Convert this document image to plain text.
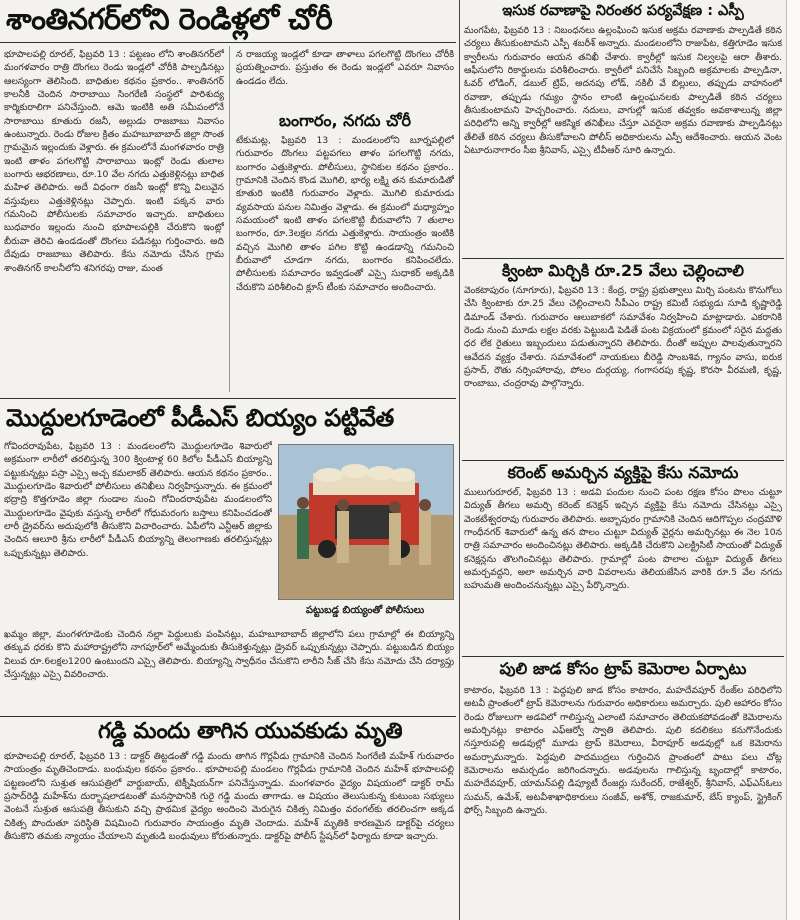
శాంతినగర్‌లోని రెండిళ్లలో చోరీ

భూపాలపల్లి రూరల్, ఫిబ్రవరి 13 : పట్టణం లోని శాంతినగర్‌లో మంగళవారం రాత్రి దొంగలు రెండు ఇండ్లలో చోరీకి పాల్పడినట్లు ఆలస్యంగా తెలిసింది. బాధితుల కథనం ప్రకారం.. శాంతినగర్ కాలనీకి చెందిన సారాబాయి సింగరేణి సంస్థలో పారిశుద్య కార్మికురాలిగా పనిచేస్తుంది. ఆమె ఇంటికి అతి సమీపంలోనే సారాబాయి కూతురు రజనీ, అల్లుడు రాజబాబు నివాసం ఉంటున్నారు. రెండు రోజుల క్రితం మహబూబాబాద్ జిల్లా సొంత గ్రామమైన ఇల్లందుకు వెళ్లారు. ఈ క్రమంలోనే మంగళవారం రాత్రి ఇంటి తాళం పగలగొట్టి సారాబాయి ఇంట్లో రెండు తులాల బంగారు ఆభరణాలు, రూ.10 వేల నగదు ఎత్తుకెళ్లినట్లు బాధిత మహిళ తెలిపారు. అదే విధంగా రజనీ ఇంట్లో కొన్ని విలువైన వస్తువులు ఎత్తుకెళ్లినట్లు చెప్పారు. ఇంటి పక్కన వారు గమనించి పోలీసులకు సమాచారం ఇచ్చారు. బాధితులు బుధవారం ఇల్లందు నుంచి భూపాలపల్లికి చేరుకొని ఇంట్లో బీరువా తెరిచి ఉండడంతో దొంగలు పడినట్లు గుర్తించారు. అది దేవుడు రాజబాబు తెలిపారు. కేసు నమోదు చేసిన గ్రామ శాంతినగర్ కాలనీలోని శనిగరపు రాజు, మంత

న రాజయ్య ఇండ్లలో కూడా తాళాలు పగలగొట్టి దొంగలు చోరీకి ప్రయత్నించారు. ప్రస్తుతం ఈ రెండు ఇండ్లలో ఎవరూ నివాసం ఉండడం లేదు.

బంగారం, నగదు చోరీ

టేకుమట్ల, ఫిబ్రవరి 13 : మండలంలోని బూర్నపల్లిలో గురువారం దొంగలు పట్టపగలు తాళం పగలగొట్టి నగదు, బంగారం ఎత్తుకెళ్లారు. పోలీసులు, స్థానికుల కథనం ప్రకారం.. గ్రామానికి చెందిన కొండ మొగిలి, భార్య లక్ష్మి తన కుమారుడితో కూతురి ఇంటికి గురువారం వెళ్లారు. మొగిలి కుమారుడు వ్యవసాయ పనుల నిమిత్తం వెళ్లాడు. ఈ క్రమంలో మధ్యాహ్నం సమయంలో ఇంటి తాళం పగలకొట్టి బీరువాలోని 7 తులాల బంగారం, రూ.3లక్షల నగదు ఎత్తుకెళ్లారు. సాయంత్రం ఇంటికి వచ్చిన మొగిలి తాళం పగిల కొట్టి ఉండడాన్ని గమనించి బీరువాలో చూడగా నగదు, బంగారం కనిపించలేదు. పోలీసులకు సమాచారం ఇవ్వడంతో ఎస్సై సుధాకర్ అక్కడికి చేరుకొని పరిశీలించి క్లూస్ టీంకు సమాచారం అందించారు.

మొద్దులగూడెంలో పీడీఎస్ బియ్యం పట్టివేత

గోవిందరావుపేట, ఫిబ్రవరి 13 : మండలంలోని మొద్దులగూడెం శివారులో అక్రమంగా లారీలో తరలిస్తున్న 300 క్వింటాళ్ల 60 కిలోల పీడీఎస్ బియ్యాన్ని పట్టుకున్నట్లు పస్రా ఎస్సై అచ్చ కమలాకర్ తెలిపారు. ఆయన కథనం ప్రకారం.. మొద్దులగూడెం శివారులో పోలీసులు తనిఖీలు నిర్వహిస్తున్నారు. ఈ క్రమంలో భద్రాద్రి కొత్తగూడెం జిల్లా గుండాల నుంచి గోవిందరావుపేట మండలంలోని మొద్దులగూడెం వైపుకు వస్తున్న లారీలో గోధుమరంగు బస్తాలు కనిపించడంతో లారీ డ్రైవర్‌ను అదుపులోకి తీసుకొని విచారించారు. ఏపీలోని ఎన్టీఆర్ జిల్లాకు చెందిన ఆలూరి శ్రీను లారీలో పీడీఎస్ బియ్యాన్ని తెలంగాణకు తరలిస్తున్నట్లు ఒప్పుకున్నట్లు తెలిపారు.

పట్టుబడ్డ బియ్యంతో పోలీసులు

ఖమ్మం జిల్లా, మంగళగూడెంకు చెందిన నల్లా పెద్దులుకు పంపినట్లు, మహబూబాబాద్ జిల్లాలోని పలు గ్రామాల్లో ఈ బియ్యాన్ని తక్కువ ధరకు కొని మహారాష్ట్రలోని నాగపూర్‌లో అమ్మేందుకు తీసుకెళ్తున్నట్లు డ్రైవర్ ఒప్పుకున్నట్లు చెప్పారు. పట్టుబడిన బియ్యం విలువ రూ.6లక్షల1200 ఉంటుందని ఎస్సై తెలిపారు. బియ్యాన్ని స్వాధీనం చేసుకొని లారీని సీజ్ చేసి కేసు నమోదు చేసి దర్యాప్తు చేస్తున్నట్లు ఎస్సై వివరించారు.

గడ్డి మందు తాగిన యువకుడు మృతి

భూపాలపల్లి రూరల్, ఫిబ్రవరి 13 : డాక్టర్ తిట్టడంతో గడ్డి మందు తాగిన గొర్లవీడు గ్రామానికి చెందిన సింగరేణి మహేశ్ గురువారం సాయంత్రం మృతిచెందాడు. బంధువుల కథనం ప్రకారం.. భూపాలపల్లి మండలం గొర్లవీడు గ్రామానికి చెందిన మహేశ్ భూపాలపల్లి పట్టణంలోని సుశ్రుత ఆసుపత్రిలో వార్డుబాయ్, టెక్నీషియన్‌గా పనిచేస్తున్నాడు. మంగళవారం వైద్యం విషయంలో డాక్టర్ రామ్ ప్రసాద్‌రెడ్డి మహేశ్‌ను దుర్భాషలాడటంతో మనస్తాపానికి గురై గడ్డి మందు తాగాడు. ఆ విషయం తెలుసుకున్న కుటుంబ సభ్యులు వెంటనే సుశ్రుత ఆసుపత్రి తీసుకుని వచ్చి ప్రాథమిక వైద్యం అందించి మెరుగైన చికిత్స నిమిత్తం వరంగల్‌కు తరలించగా అక్కడ చికిత్స పొందుతూ పరిస్థితి విషమించి గురువారం సాయంత్రం మృతి చెందాడు. మహేశ్ మృతికి కారణమైన డాక్టర్‌పై చర్యలు తీసుకొని తమకు న్యాయం చేయాలని మృతుడి బంధువులు కోరుతున్నారు. డాక్టర్‌పై పోలీస్ స్టేషన్‌లో ఫిర్యాదు కూడా ఇచ్చారు.

ఇసుక రవాణాపై నిరంతర పర్యవేక్షణ : ఎస్పీ

మంగపేట, ఫిబ్రవరి 13 : నిబంధనలు ఉల్లంఘించి ఇసుక అక్రమ రవాణాకు పాల్పడితే కఠిన చర్యలు తీసుకుంటామని ఎస్పీ శబరీశ్ అన్నారు. మండలంలోని రాజుపేట, కత్తిగూడెం ఇసుక క్వారీలను గురువారం ఆయన తనిఖీ చేశారు. క్వారీల్లో ఇసుక నిల్వలపై ఆరా తీశారు. ఆఫీసులోని రికార్డులను పరిశీలించారు. క్వారీలో పనిచేసే సిబ్బంది అక్రమాలకు పాల్పడినా, ఓవర్ లోడింగ్, డబుల్ ట్రిప్, అదనపు లోడ్, నకిలీ వే బిల్లులు, తప్పుడు వాహనంలో రవాణా, తప్పుడు గమ్యం స్థానం లాంటి ఉల్లంఘనలకు పాల్పడితే కఠిన చర్యలు తీసుకుంటామని హెచ్చరించారు. నదులు, వాగుల్లో ఇసుక తవ్వకం అవకాశాలున్న జిల్లా పరిధిలోని అన్ని క్వారీల్లో ఆకస్మిక తనిఖీలు చేస్తూ ఎవరైనా అక్రమ రవాణాకు పాల్పడినట్లు తేలితే కఠిన చర్యలు తీసుకోవాలని పోలీస్ అధికారులను ఎస్పీ ఆదేశించారు. ఆయన వెంట ఏటూరునాగారం సీఐ శ్రీనివాస్, ఎస్సై టీవీఆర్ సూరి ఉన్నారు.

క్వింటా మిర్చికి రూ.25 వేలు చెల్లించాలి

వెంకటాపురం (నూగూరు), ఫిబ్రవరి 13 : కేంద్ర, రాష్ట్ర ప్రభుత్వాలు మిర్చి పంటను కొనుగోలు చేసి క్వింటాకు రూ.25 వేలు చెల్లించాలని సీపీఎం రాష్ట్ర కమిటీ సభ్యుడు సూడి కృష్ణారెడ్డి డిమాండ్ చేశారు. గురువారం ఆలుబాకలో సమావేశం నిర్వహించి మాట్లాడారు. ఎకరానికి రెండు నుంచి మూడు లక్షల వరకు పెట్టుబడి పెడితే పంట విక్రయంలో క్రమంలో సరైన మద్దతు ధర లేక రైతులు ఇబ్బందులు పడుతున్నారని తెలిపారు. దీంతో అప్పుల పాలవుతున్నారని ఆవేదన వ్యక్తం చేశారు. సమావేశంలో నాయకులు బీరెడ్డి సాంబశివ, గ్యానం వాసు, ఐరుక ప్రసాద్, రౌతు నర్సింహారావు, పోలం దుర్గయ్య, గంగాసరపు కృష్ణ, కొరసా వీరమణి, కృష్ణ, రాంబాబు, చంద్రరావు పాల్గొన్నారు.

కరెంట్ అమర్చిన వ్యక్తిపై కేసు నమోదు

ములుగురూరల్, ఫిబ్రవరి 13 : అడవి పందుల నుంచి పంట రక్షణ కోసం పొలం చుట్టూ విద్యుత్ తీగలు అమర్చి కరెంట్ కనెక్షన్ ఇచ్చిన వ్యక్తిపై కేసు నమోదు చేసినట్లు ఎస్సై వెంకటేశ్వరరావు గురువారం తెలిపారు. అబ్బాపురం గ్రామానికి చెందిన ఆదిగొప్పల చంద్రమౌళి గాంధీనగర్ శివారులో ఉన్న తన పొలం చుట్టూ విద్యుత్ వైర్లను అమర్చినట్లు ఈ నెల 10న రాత్రి సమాచారం అందించినట్లు తెలిపారు. అక్కడికి చేరుకొని ఎలక్ట్రిసిటీ సాయంతో విద్యుత్ కనెక్షన్లను తొలగించినట్లు తెలిపారు. గ్రామాల్లో పంట పొలాల చుట్టూ విద్యుత్ తీగలు అమర్చవద్దని, అలా అమర్చిన వారి వివరాలను తెలియజేసిన వారికి రూ.5 వేల నగదు బహుమతి అందించనున్నట్లు ఎస్సై పేర్కొన్నారు.

పులి జాడ కోసం ట్రాప్ కెమెరాల ఏర్పాటు

కాటారం, ఫిబ్రవరి 13 : పెద్దపులి జాడ కోసం కాటారం, మహదేవపూర్ రేంజ్‌ల పరిధిలోని అటవీ ప్రాంతంలో ట్రాప్ కెమెరాలను గురువారం అధికారులు అమర్చారు. పులి ఆహారం కోసం రెండు రోజులుగా అడవిలో గాలిస్తున్న ఎలాంటి సమాచారం తెలియకపోవడంతో కెమెరాలను అమర్చినట్లు కాటారం ఎఫ్ఆర్వో స్వాతి తెలిపారు. పులి కదలికలు కనుగొనేందుకు నస్తూరుపల్లి అడవుల్లో మూడు ట్రాప్ కెమెరాలు, వీరాపూర్ అడవుల్లో ఒక కెమెరాను అమర్చామన్నారు. పెద్దపులి పాదముద్రలు గుర్తించిన ప్రాంతంలో పాటు పలు చోట్ల కెమెరాలను అమర్చడం జరిగిందన్నారు. అడవులను గాలిస్తున్న బృందాల్లో కాటారం, మహదేవపూర్, యామన్‌పల్లి డిప్యూటీ రేంజర్లు సురేందర్, రాజేశ్వర్, శ్రీనివాస్, ఎఫ్ఎస్ఓలు సుమన్, ఉమేశ్, అటవీశాఖాధికారులు సంజీవ్, అశోక్, రాజకుమార్, బేస్ క్యాంప్, స్ట్రైకింగ్ ఫోర్స్ సిబ్బంది ఉన్నారు.
